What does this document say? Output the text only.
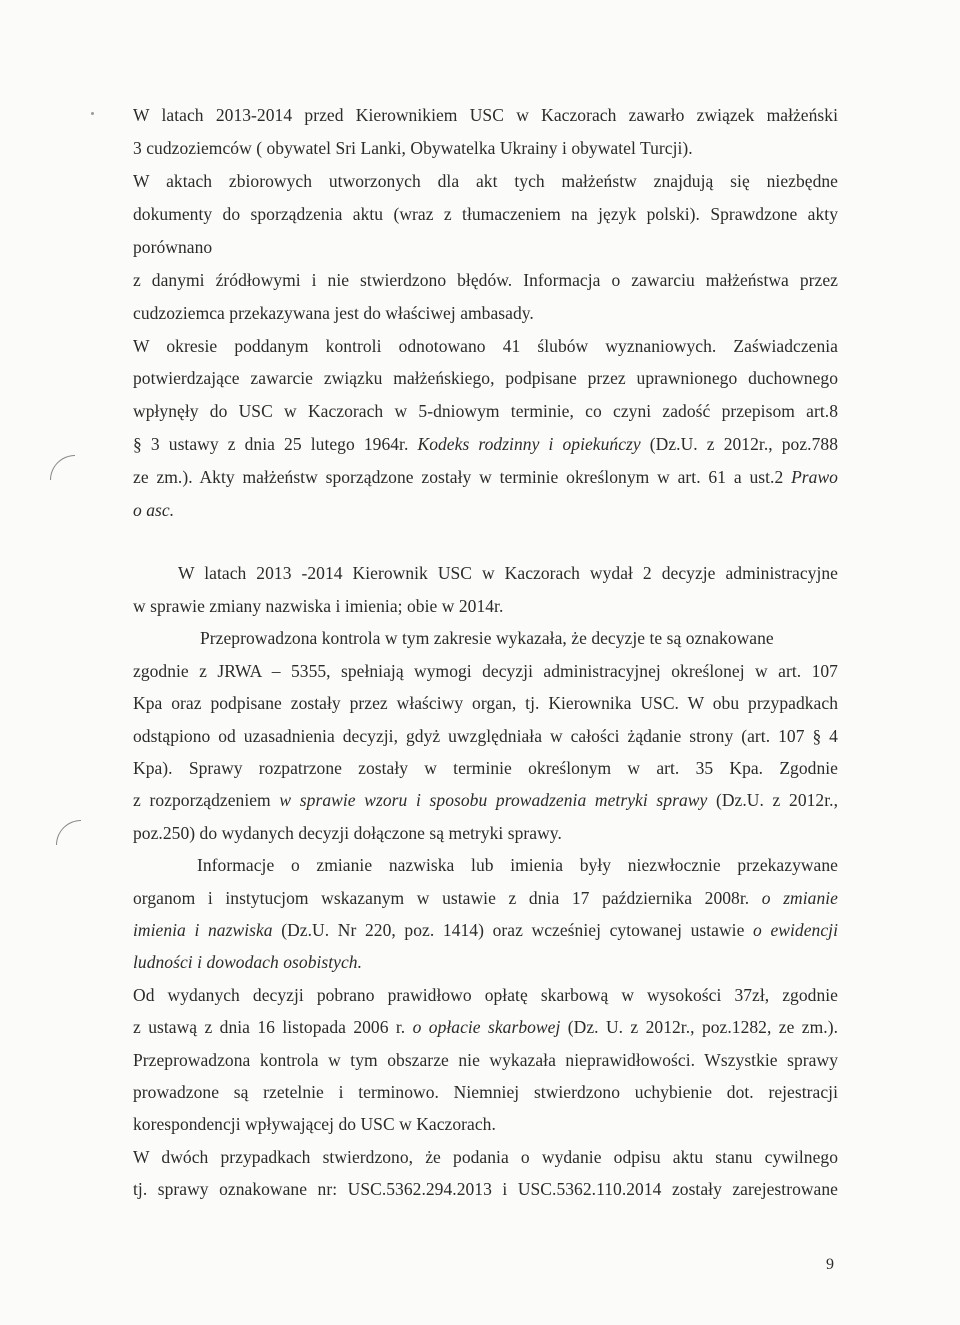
W latach 2013-2014 przed Kierownikiem USC w Kaczorach zawarło związek małżeński
3 cudzoziemców ( obywatel Sri Lanki, Obywatelka Ukrainy i obywatel Turcji).
W aktach zbiorowych utworzonych dla akt tych małżeństw znajdują się niezbędne
dokumenty do sporządzenia aktu (wraz z tłumaczeniem na język polski). Sprawdzone akty
porównano
z danymi źródłowymi i nie stwierdzono błędów. Informacja o zawarciu małżeństwa przez
cudzoziemca przekazywana jest do właściwej ambasady.
W okresie poddanym kontroli odnotowano 41 ślubów wyznaniowych. Zaświadczenia
potwierdzające zawarcie związku małżeńskiego, podpisane przez uprawnionego duchownego
wpłynęły do USC w Kaczorach w 5-dniowym terminie, co czyni zadość przepisom art.8
§ 3 ustawy z dnia 25 lutego 1964r. Kodeks rodzinny i opiekuńczy (Dz.U. z 2012r., poz.788
ze zm.). Akty małżeństw sporządzone zostały w terminie określonym w art. 61 a ust.2 Prawo
o asc.
W latach 2013 -2014 Kierownik USC w Kaczorach wydał 2 decyzje administracyjne
w sprawie zmiany nazwiska i imienia; obie w 2014r.
Przeprowadzona kontrola w tym zakresie wykazała, że decyzje te są oznakowane
zgodnie z JRWA – 5355, spełniają wymogi decyzji administracyjnej określonej w art. 107
Kpa oraz podpisane zostały przez właściwy organ, tj. Kierownika USC. W obu przypadkach
odstąpiono od uzasadnienia decyzji, gdyż uwzględniała w całości żądanie strony (art. 107 § 4
Kpa). Sprawy rozpatrzone zostały w terminie określonym w art. 35 Kpa. Zgodnie
z rozporządzeniem w sprawie wzoru i sposobu prowadzenia metryki sprawy (Dz.U. z 2012r.,
poz.250) do wydanych decyzji dołączone są metryki sprawy.
Informacje o zmianie nazwiska lub imienia były niezwłocznie przekazywane
organom i instytucjom wskazanym w ustawie z dnia 17 października 2008r. o zmianie
imienia i nazwiska (Dz.U. Nr 220, poz. 1414) oraz wcześniej cytowanej ustawie o ewidencji
ludności i dowodach osobistych.
Od wydanych decyzji pobrano prawidłowo opłatę skarbową w wysokości 37zł, zgodnie
z ustawą z dnia 16 listopada 2006 r. o opłacie skarbowej (Dz. U. z 2012r., poz.1282, ze zm.).
Przeprowadzona kontrola w tym obszarze nie wykazała nieprawidłowości. Wszystkie sprawy
prowadzone są rzetelnie i terminowo. Niemniej stwierdzono uchybienie dot. rejestracji
korespondencji wpływającej do USC w Kaczorach.
W dwóch przypadkach stwierdzono, że podania o wydanie odpisu aktu stanu cywilnego
tj. sprawy oznakowane nr: USC.5362.294.2013 i USC.5362.110.2014 zostały zarejestrowane
9
